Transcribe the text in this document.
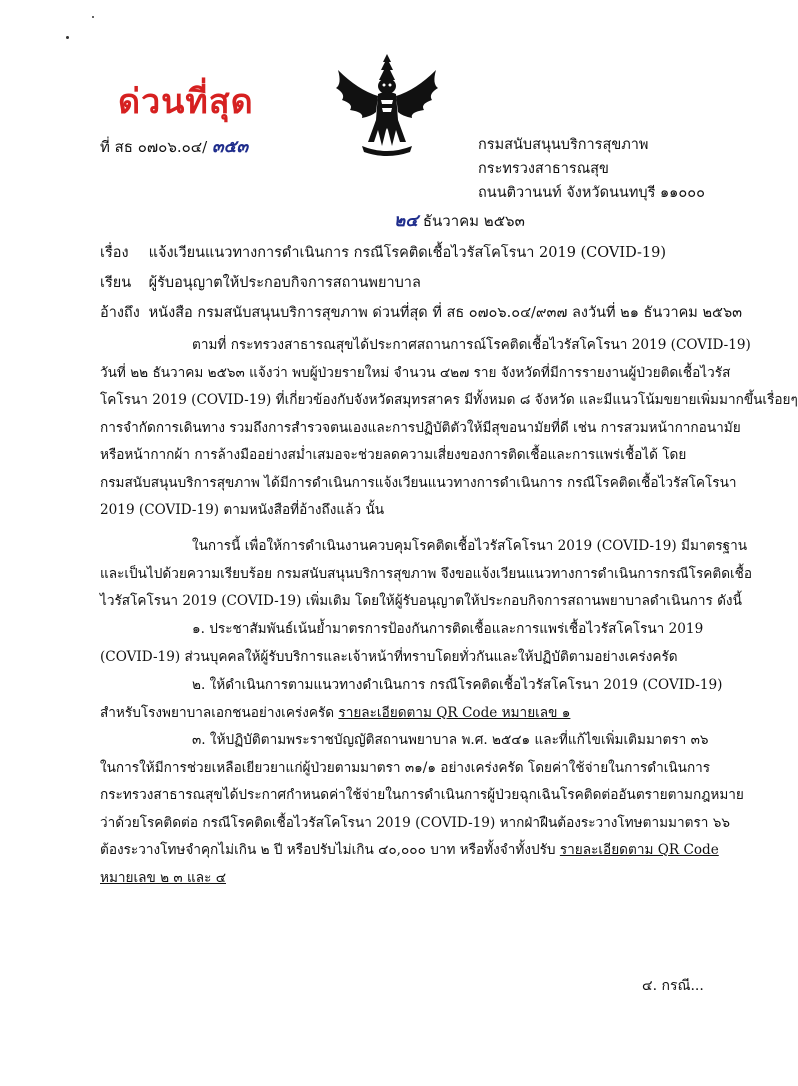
ด่วนที่สุด
ที่ สธ ๐๗๐๖.๐๔/ ๓๕๓	กรมสนับสนุนบริการสุขภาพ
กระทรวงสาธารณสุข
ถนนติวานนท์ จังหวัดนนทบุรี ๑๑๐๐๐
๒๔ ธันวาคม ๒๕๖๓
เรื่อง แจ้งเวียนแนวทางการดำเนินการ กรณีโรคติดเชื้อไวรัสโคโรนา 2019 (COVID-19)
เรียน ผู้รับอนุญาตให้ประกอบกิจการสถานพยาบาล
อ้างถึง หนังสือ กรมสนับสนุนบริการสุขภาพ ด่วนที่สุด ที่ สธ ๐๗๐๖.๐๔/๙๓๗ ลงวันที่ ๒๑ ธันวาคม ๒๕๖๓
ตามที่ กระทรวงสาธารณสุขได้ประกาศสถานการณ์โรคติดเชื้อไวรัสโคโรนา 2019 (COVID-19)
วันที่ ๒๒ ธันวาคม ๒๕๖๓ แจ้งว่า พบผู้ป่วยรายใหม่ จำนวน ๔๒๗ ราย จังหวัดที่มีการรายงานผู้ป่วยติดเชื้อไวรัส
โคโรนา 2019 (COVID-19) ที่เกี่ยวข้องกับจังหวัดสมุทรสาคร มีทั้งหมด ๘ จังหวัด และมีแนวโน้มขยายเพิ่มมากขึ้นเรื่อยๆ
การจำกัดการเดินทาง รวมถึงการสำรวจตนเองและการปฏิบัติตัวให้มีสุขอนามัยที่ดี เช่น การสวมหน้ากากอนามัย
หรือหน้ากากผ้า การล้างมืออย่างสม่ำเสมอจะช่วยลดความเสี่ยงของการติดเชื้อและการแพร่เชื้อได้ โดย
กรมสนับสนุนบริการสุขภาพ ได้มีการดำเนินการแจ้งเวียนแนวทางการดำเนินการ กรณีโรคติดเชื้อไวรัสโคโรนา
2019 (COVID-19) ตามหนังสือที่อ้างถึงแล้ว นั้น
ในการนี้ เพื่อให้การดำเนินงานควบคุมโรคติดเชื้อไวรัสโคโรนา 2019 (COVID-19) มีมาตรฐาน
และเป็นไปด้วยความเรียบร้อย กรมสนับสนุนบริการสุขภาพ จึงขอแจ้งเวียนแนวทางการดำเนินการกรณีโรคติดเชื้อ
ไวรัสโคโรนา 2019 (COVID-19) เพิ่มเติม โดยให้ผู้รับอนุญาตให้ประกอบกิจการสถานพยาบาลดำเนินการ ดังนี้
๑. ประชาสัมพันธ์เน้นย้ำมาตรการป้องกันการติดเชื้อและการแพร่เชื้อไวรัสโคโรนา 2019
(COVID-19) ส่วนบุคคลให้ผู้รับบริการและเจ้าหน้าที่ทราบโดยทั่วกันและให้ปฏิบัติตามอย่างเคร่งครัด
๒. ให้ดำเนินการตามแนวทางดำเนินการ กรณีโรคติดเชื้อไวรัสโคโรนา 2019 (COVID-19)
สำหรับโรงพยาบาลเอกชนอย่างเคร่งครัด รายละเอียดตาม QR Code หมายเลข ๑
๓. ให้ปฏิบัติตามพระราชบัญญัติสถานพยาบาล พ.ศ. ๒๕๔๑ และที่แก้ไขเพิ่มเติมมาตรา ๓๖
ในการให้มีการช่วยเหลือเยียวยาแก่ผู้ป่วยตามมาตรา ๓๑/๑ อย่างเคร่งครัด โดยค่าใช้จ่ายในการดำเนินการ
กระทรวงสาธารณสุขได้ประกาศกำหนดค่าใช้จ่ายในการดำเนินการผู้ป่วยฉุกเฉินโรคติดต่ออันตรายตามกฎหมาย
ว่าด้วยโรคติดต่อ กรณีโรคติดเชื้อไวรัสโคโรนา 2019 (COVID-19) หากฝ่าฝืนต้องระวางโทษตามมาตรา ๖๖
ต้องระวางโทษจำคุกไม่เกิน ๒ ปี หรือปรับไม่เกิน ๔๐,๐๐๐ บาท หรือทั้งจำทั้งปรับ รายละเอียดตาม QR Code
หมายเลข ๒ ๓ และ ๔
๔. กรณี...
